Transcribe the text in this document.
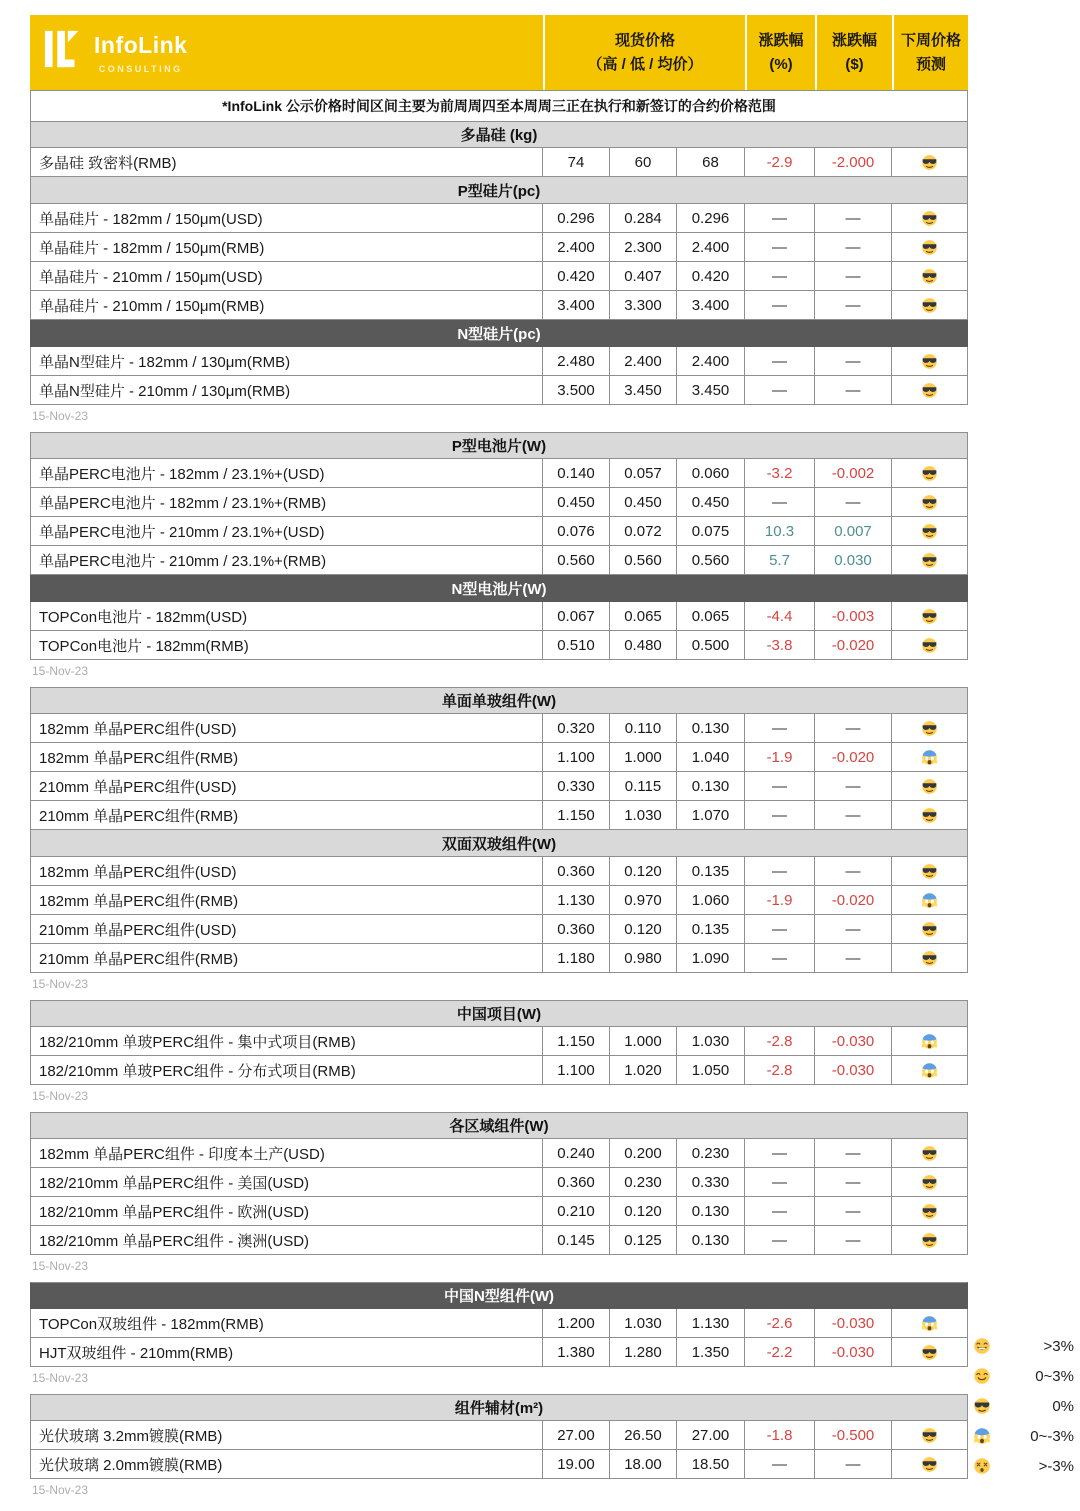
InfoLink
CONSULTING
现货价格
（高 / 低 / 均价）
涨跌幅
(%)
涨跌幅
($)
下周价格
预测
*InfoLink 公示价格时间区间主要为前周周四至本周周三正在执行和新签订的合约价格范围
多晶硅 (kg)
多晶硅 致密料(RMB)	74	60	68	-2.9	-2.000
P型硅片(pc)
单晶硅片 - 182mm / 150μm(USD)	0.296	0.284	0.296	—	—
单晶硅片 - 182mm / 150μm(RMB)	2.400	2.300	2.400	—	—
单晶硅片 - 210mm / 150μm(USD)	0.420	0.407	0.420	—	—
单晶硅片 - 210mm / 150μm(RMB)	3.400	3.300	3.400	—	—
N型硅片(pc)
单晶N型硅片 - 182mm / 130μm(RMB)	2.480	2.400	2.400	—	—
单晶N型硅片 - 210mm / 130μm(RMB)	3.500	3.450	3.450	—	—
15-Nov-23
P型电池片(W)
单晶PERC电池片 - 182mm / 23.1%+(USD)	0.140	0.057	0.060	-3.2	-0.002
单晶PERC电池片 - 182mm / 23.1%+(RMB)	0.450	0.450	0.450	—	—
单晶PERC电池片 - 210mm / 23.1%+(USD)	0.076	0.072	0.075	10.3	0.007
单晶PERC电池片 - 210mm / 23.1%+(RMB)	0.560	0.560	0.560	5.7	0.030
N型电池片(W)
TOPCon电池片 - 182mm(USD)	0.067	0.065	0.065	-4.4	-0.003
TOPCon电池片 - 182mm(RMB)	0.510	0.480	0.500	-3.8	-0.020
15-Nov-23
单面单玻组件(W)
182mm 单晶PERC组件(USD)	0.320	0.110	0.130	—	—
182mm 单晶PERC组件(RMB)	1.100	1.000	1.040	-1.9	-0.020
210mm 单晶PERC组件(USD)	0.330	0.115	0.130	—	—
210mm 单晶PERC组件(RMB)	1.150	1.030	1.070	—	—
双面双玻组件(W)
182mm 单晶PERC组件(USD)	0.360	0.120	0.135	—	—
182mm 单晶PERC组件(RMB)	1.130	0.970	1.060	-1.9	-0.020
210mm 单晶PERC组件(USD)	0.360	0.120	0.135	—	—
210mm 单晶PERC组件(RMB)	1.180	0.980	1.090	—	—
15-Nov-23
中国项目(W)
182/210mm 单玻PERC组件 - 集中式项目(RMB)	1.150	1.000	1.030	-2.8	-0.030
182/210mm 单玻PERC组件 - 分布式项目(RMB)	1.100	1.020	1.050	-2.8	-0.030
15-Nov-23
各区域组件(W)
182mm 单晶PERC组件 - 印度本土产(USD)	0.240	0.200	0.230	—	—
182/210mm 单晶PERC组件 - 美国(USD)	0.360	0.230	0.330	—	—
182/210mm 单晶PERC组件 - 欧洲(USD)	0.210	0.120	0.130	—	—
182/210mm 单晶PERC组件 - 澳洲(USD)	0.145	0.125	0.130	—	—
15-Nov-23
中国N型组件(W)
TOPCon双玻组件 - 182mm(RMB)	1.200	1.030	1.130	-2.6	-0.030
HJT双玻组件 - 210mm(RMB)	1.380	1.280	1.350	-2.2	-0.030
15-Nov-23
组件辅材(m²)
光伏玻璃 3.2mm镀膜(RMB)	27.00	26.50	27.00	-1.8	-0.500
光伏玻璃 2.0mm镀膜(RMB)	19.00	18.00	18.50	—	—
15-Nov-23
>3%
0~3%
0%
0~-3%
>-3%
